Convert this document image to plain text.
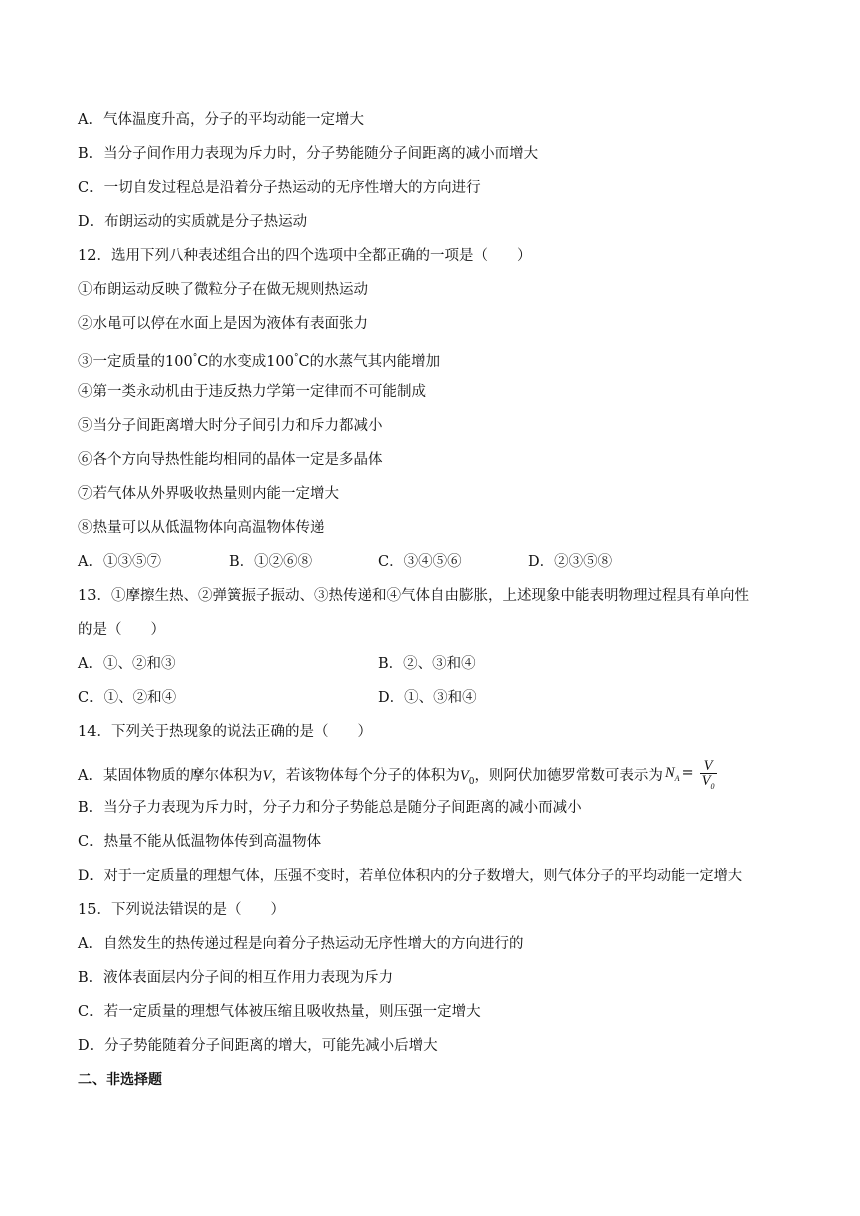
A．气体温度升高，分子的平均动能一定增大
B．当分子间作用力表现为斥力时，分子势能随分子间距离的减小而增大
C．一切自发过程总是沿着分子热运动的无序性增大的方向进行
D．布朗运动的实质就是分子热运动
12．选用下列八种表述组合出的四个选项中全都正确的一项是（　　）
①布朗运动反映了微粒分子在做无规则热运动
②水黾可以停在水面上是因为液体有表面张力
③一定质量的100°C的水变成100°C的水蒸气其内能增加
④第一类永动机由于违反热力学第一定律而不可能制成
⑤当分子间距离增大时分子间引力和斥力都减小
⑥各个方向导热性能均相同的晶体一定是多晶体
⑦若气体从外界吸收热量则内能一定增大
⑧热量可以从低温物体向高温物体传递
A．①③⑤⑦	B．①②⑥⑧	C．③④⑤⑥	D．②③⑤⑧
13．①摩擦生热、②弹簧振子振动、③热传递和④气体自由膨胀，上述现象中能表明物理过程具有单向性
的是（　　）
A．①、②和③	B．②、③和④
C．①、②和④	D．①、③和④
14．下列关于热现象的说法正确的是（　　）
A．某固体物质的摩尔体积为V，若该物体每个分子的体积为$V_0$，则阿伏加德罗常数可表示为 $N_A = \frac{V}{V_0}$
B．当分子力表现为斥力时，分子力和分子势能总是随分子间距离的减小而减小
C．热量不能从低温物体传到高温物体
D．对于一定质量的理想气体，压强不变时，若单位体积内的分子数增大，则气体分子的平均动能一定增大
15．下列说法错误的是（　　）
A．自然发生的热传递过程是向着分子热运动无序性增大的方向进行的
B．液体表面层内分子间的相互作用力表现为斥力
C．若一定质量的理想气体被压缩且吸收热量，则压强一定增大
D．分子势能随着分子间距离的增大，可能先减小后增大
二、非选择题
